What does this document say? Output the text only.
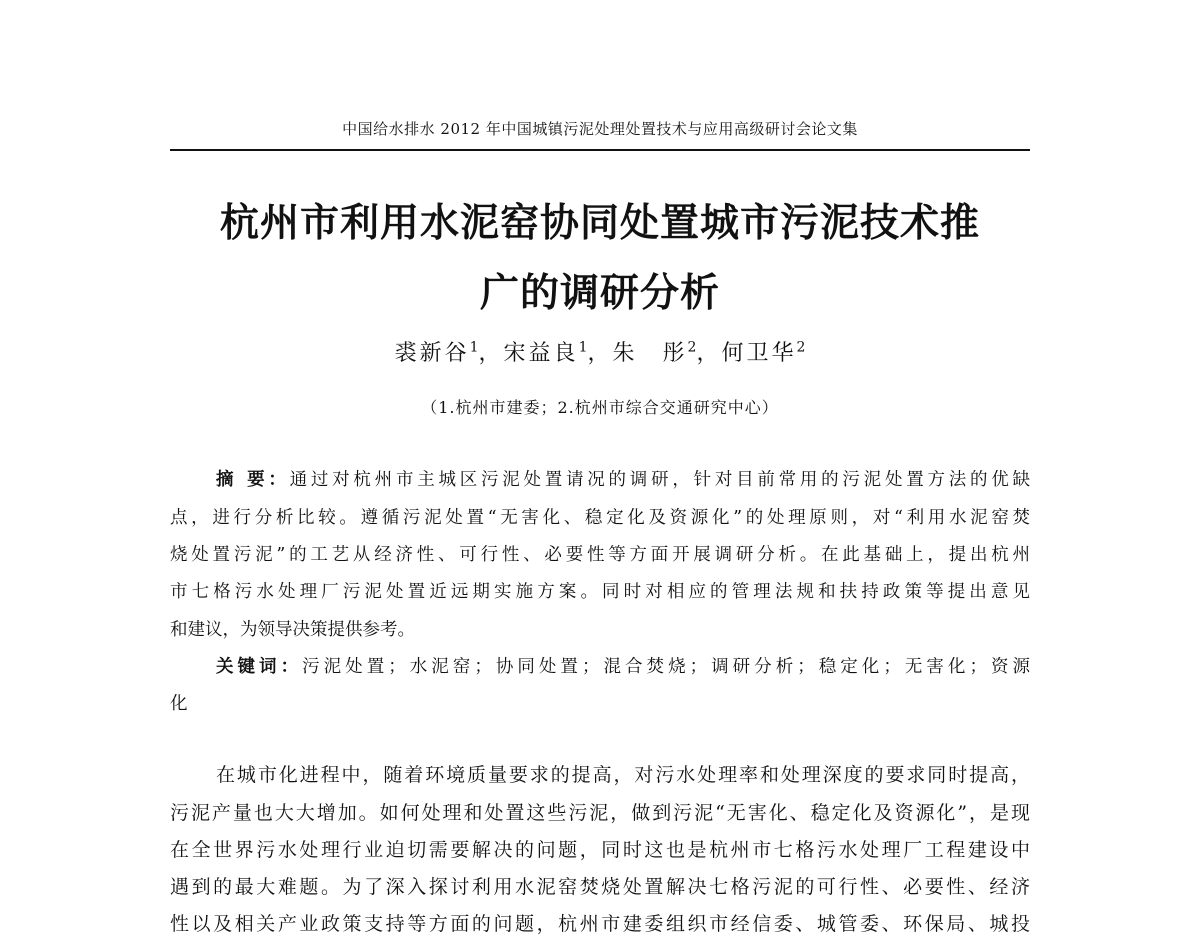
中国给水排水 2012 年中国城镇污泥处理处置技术与应用高级研讨会论文集
杭州市利用水泥窑协同处置城市污泥技术推
广的调研分析
裘新谷$^1$，宋益良$^1$，朱　彤$^2$，何卫华$^2$
（1.杭州市建委；2.杭州市综合交通研究中心）
摘 要：通过对杭州市主城区污泥处置请况的调研，针对目前常用的污泥处置方法的优缺
点，进行分析比较。遵循污泥处置“无害化、稳定化及资源化”的处理原则，对“利用水泥窑焚
烧处置污泥”的工艺从经济性、可行性、必要性等方面开展调研分析。在此基础上，提出杭州
市七格污水处理厂污泥处置近远期实施方案。同时对相应的管理法规和扶持政策等提出意见
和建议，为领导决策提供参考。
关键词：污泥处置；水泥窑；协同处置；混合焚烧；调研分析；稳定化；无害化；资源
化
在城市化进程中，随着环境质量要求的提高，对污水处理率和处理深度的要求同时提高，
污泥产量也大大增加。如何处理和处置这些污泥，做到污泥“无害化、稳定化及资源化”，是现
在全世界污水处理行业迫切需要解决的问题，同时这也是杭州市七格污水处理厂工程建设中
遇到的最大难题。为了深入探讨利用水泥窑焚烧处置解决七格污泥的可行性、必要性、经济
性以及相关产业政策支持等方面的问题，杭州市建委组织市经信委、城管委、环保局、城投
